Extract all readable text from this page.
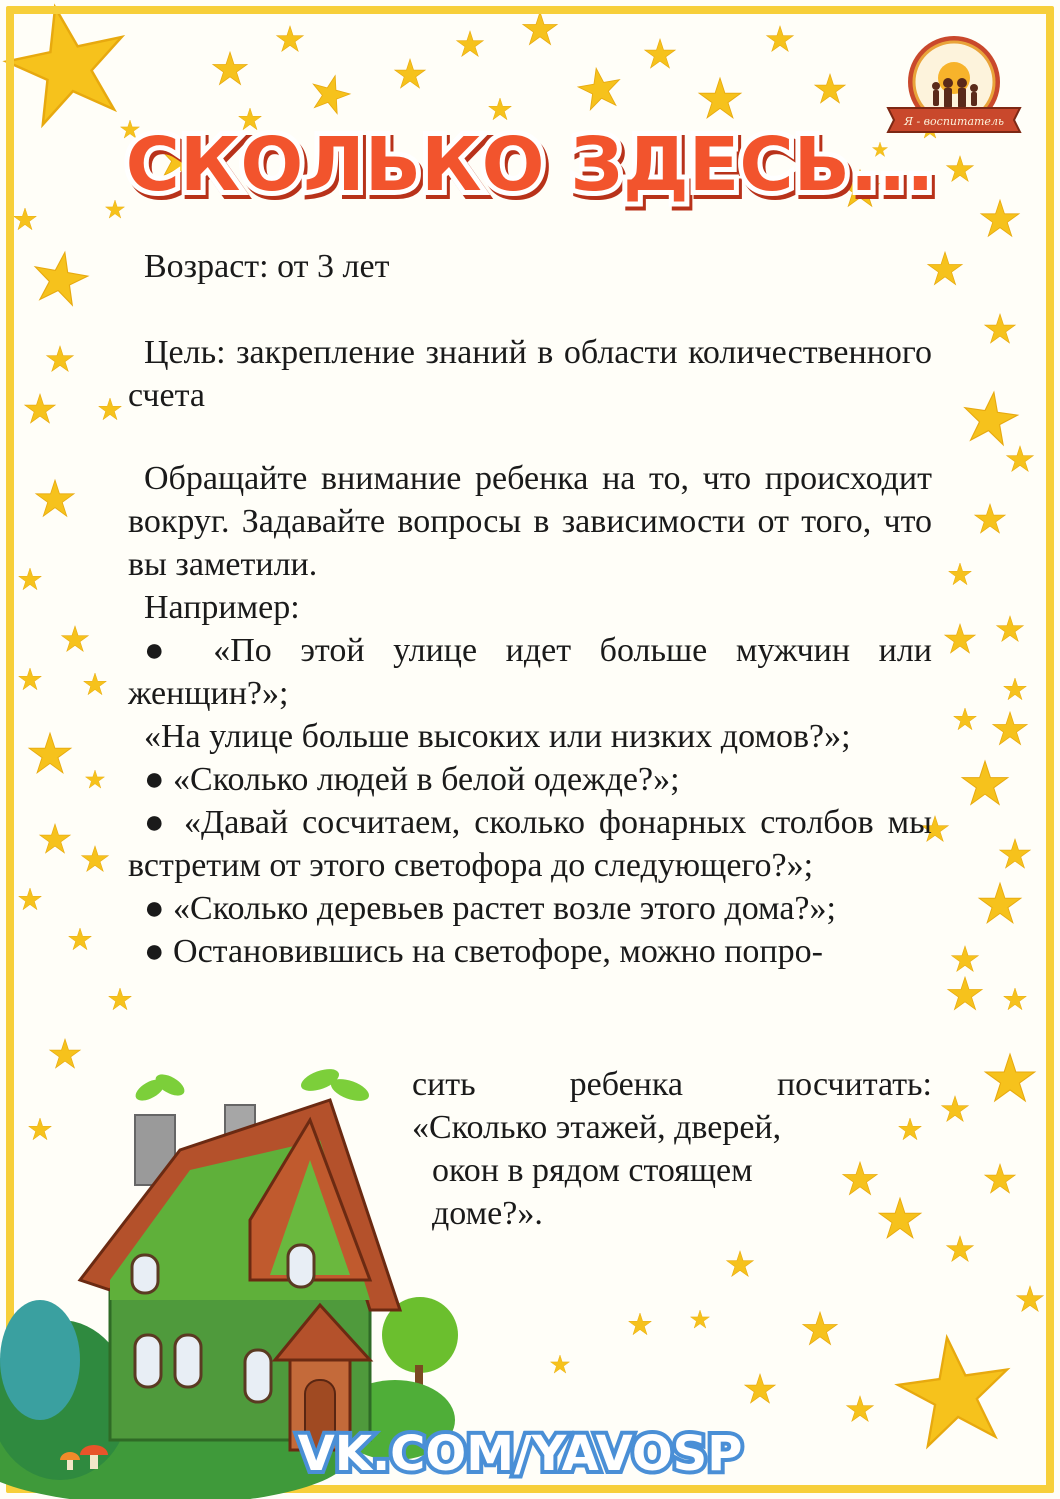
Я - воспитатель
СКОЛЬКО ЗДЕСЬ...

Возраст: от 3 лет

Цель: закрепление знаний в области количественного счета

Обращайте внимание ребенка на то, что происходит вокруг. Задавайте вопросы в зависимости от того, что вы заметили.

Например:

● «По этой улице идет больше мужчин или женщин?»;

«На улице больше высоких или низких домов?»;

● «Сколько людей в белой одежде?»;

● «Давай сосчитаем, сколько фонарных столбов мы встретим от этого светофора до следующего?»;

● «Сколько деревьев растет возле этого дома?»;

● Остановившись на светофоре, можно попро-

сить ребенка посчитать:

«Сколько этажей, дверей,

окон в рядом стоящем

доме?».

VK.COM/YAVOSP
